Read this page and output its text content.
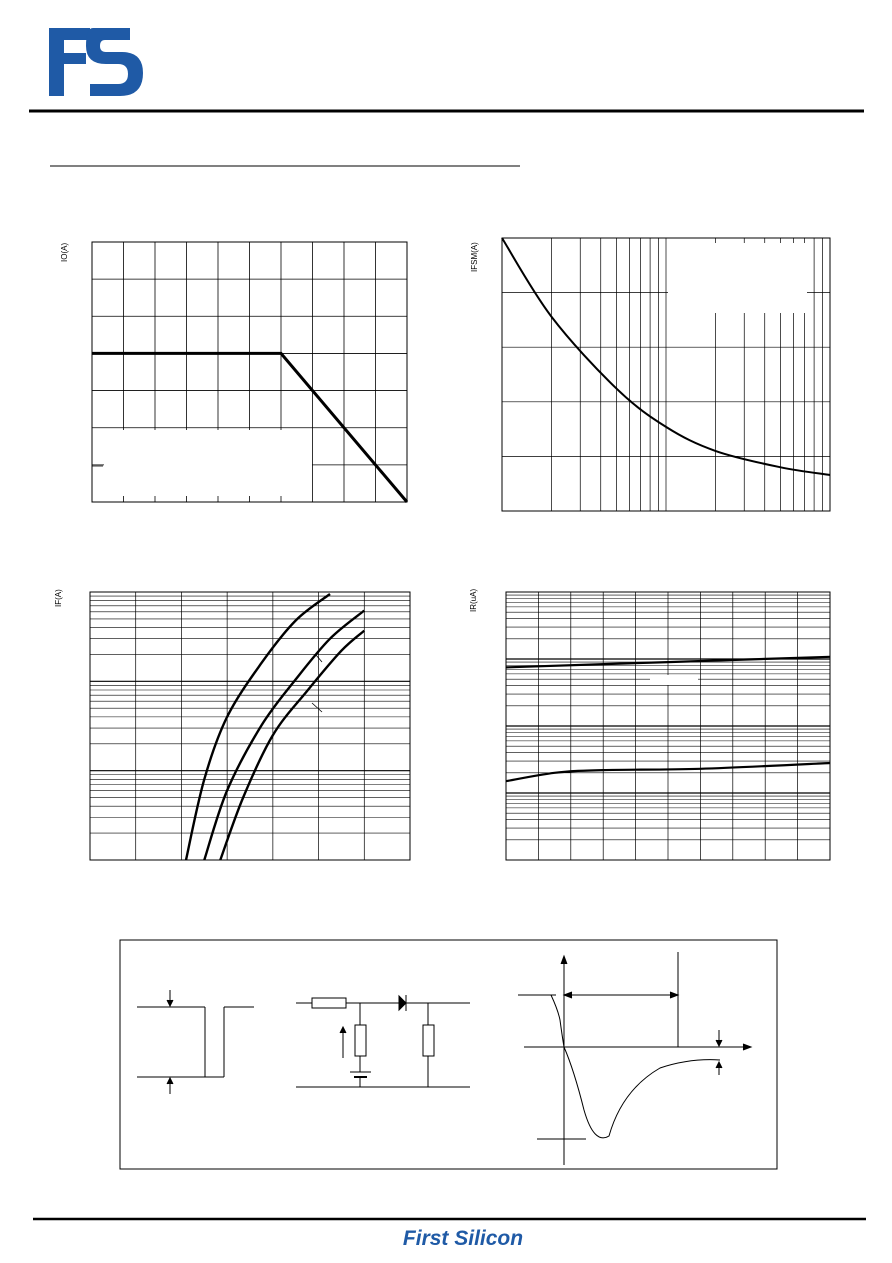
IO(A)	IFSM(A)
IF(A)	IR(uA)
First Silicon
